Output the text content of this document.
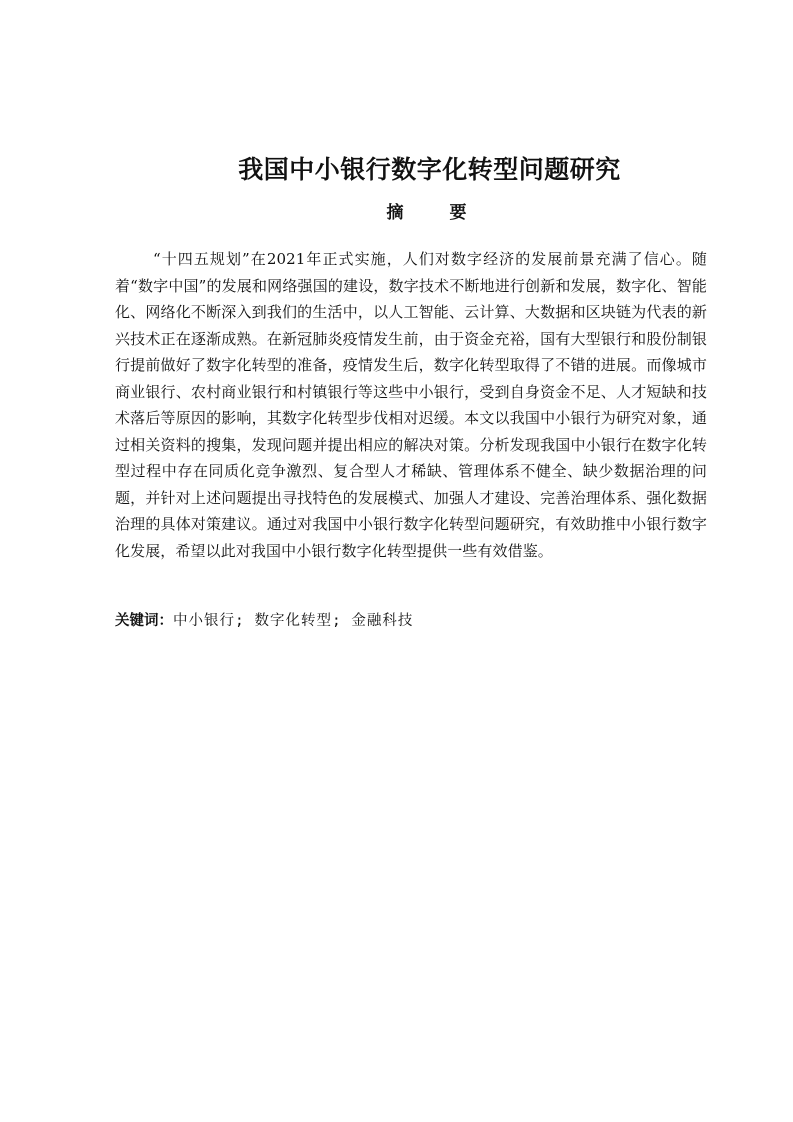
我国中小银行数字化转型问题研究
摘	要
“十四五规划”在2021年正式实施，人们对数字经济的发展前景充满了信心。随着“数字中国”的发展和网络强国的建设，数字技术不断地进行创新和发展，数字化、智能化、网络化不断深入到我们的生活中，以人工智能、云计算、大数据和区块链为代表的新兴技术正在逐渐成熟。在新冠肺炎疫情发生前，由于资金充裕，国有大型银行和股份制银行提前做好了数字化转型的准备，疫情发生后，数字化转型取得了不错的进展。而像城市商业银行、农村商业银行和村镇银行等这些中小银行，受到自身资金不足、人才短缺和技术落后等原因的影响，其数字化转型步伐相对迟缓。本文以我国中小银行为研究对象，通过相关资料的搜集，发现问题并提出相应的解决对策。分析发现我国中小银行在数字化转型过程中存在同质化竞争激烈、复合型人才稀缺、管理体系不健全、缺少数据治理的问题，并针对上述问题提出寻找特色的发展模式、加强人才建设、完善治理体系、强化数据治理的具体对策建议。通过对我国中小银行数字化转型问题研究，有效助推中小银行数字化发展，希望以此对我国中小银行数字化转型提供一些有效借鉴。
关键词：中小银行; 数字化转型; 金融科技
